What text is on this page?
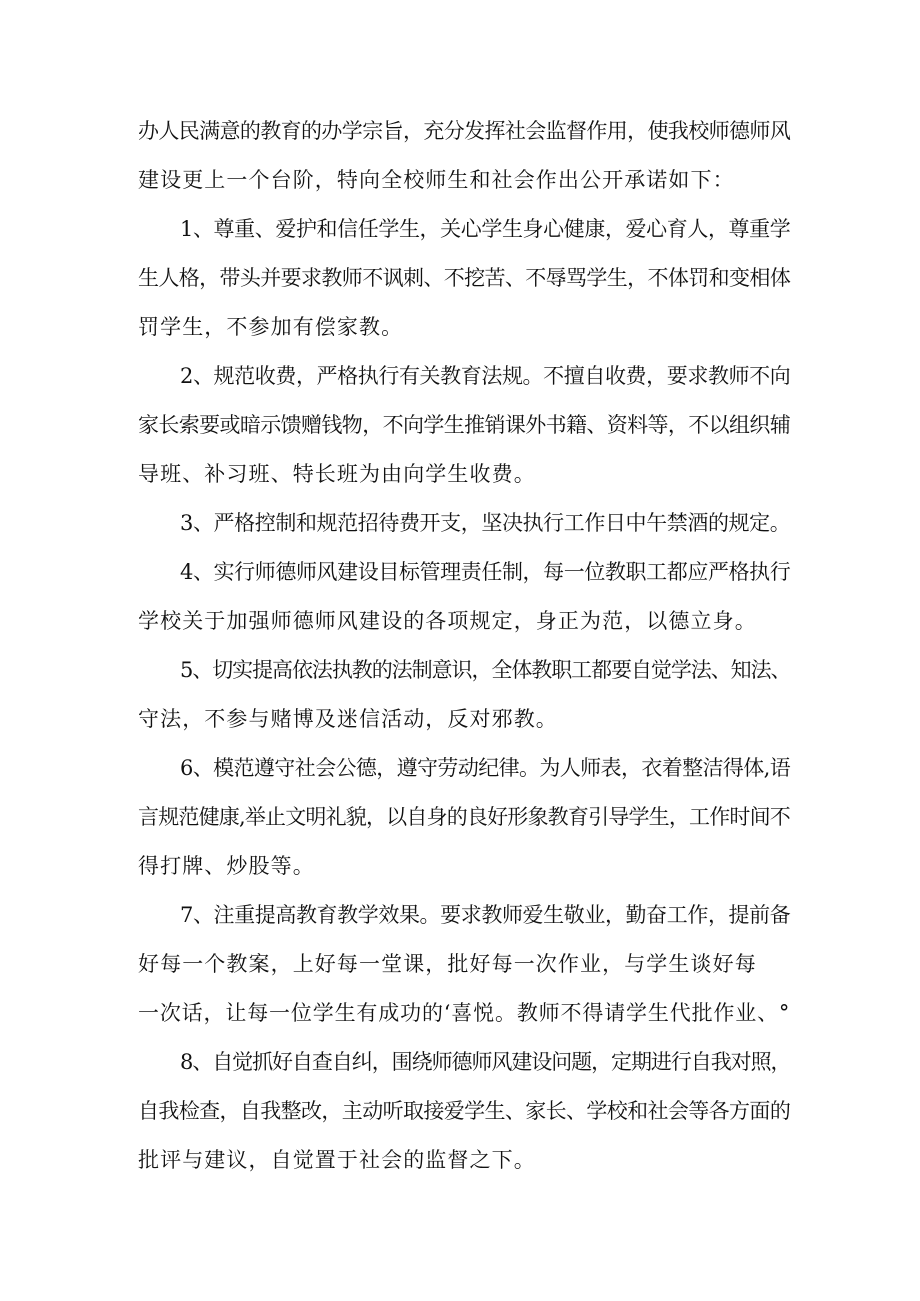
办人民满意的教育的办学宗旨，充分发挥社会监督作用，使我校师德师风
建设更上一个台阶，特向全校师生和社会作出公开承诺如下：
1、尊重、爱护和信任学生，关心学生身心健康，爱心育人，尊重学
生人格，带头并要求教师不讽刺、不挖苦、不辱骂学生，不体罚和变相体
罚学生，不参加有偿家教。
2、规范收费，严格执行有关教育法规。不擅自收费，要求教师不向
家长索要或暗示馈赠钱物，不向学生推销课外书籍、资料等，不以组织辅
导班、补习班、特长班为由向学生收费。
3、严格控制和规范招待费开支，坚决执行工作日中午禁酒的规定。
4、实行师德师风建设目标管理责任制，每一位教职工都应严格执行
学校关于加强师德师风建设的各项规定，身正为范，以德立身。
5、切实提高依法执教的法制意识，全体教职工都要自觉学法、知法、
守法，不参与赌博及迷信活动，反对邪教。
6、模范遵守社会公德，遵守劳动纪律。为人师表，衣着整洁得体,语
言规范健康,举止文明礼貌，以自身的良好形象教育引导学生，工作时间不
得打牌、炒股等。
7、注重提高教育教学效果。要求教师爱生敬业，勤奋工作，提前备
好每一个教案，上好每一堂课，批好每一次作业，与学生谈好每
一次话，让每一位学生有成功的‘喜悦。教师不得请学生代批作业、°
8、自觉抓好自查自纠，围绕师德师风建设问题，定期进行自我对照，
自我检查，自我整改，主动听取接爱学生、家长、学校和社会等各方面的
批评与建议，自觉置于社会的监督之下。
